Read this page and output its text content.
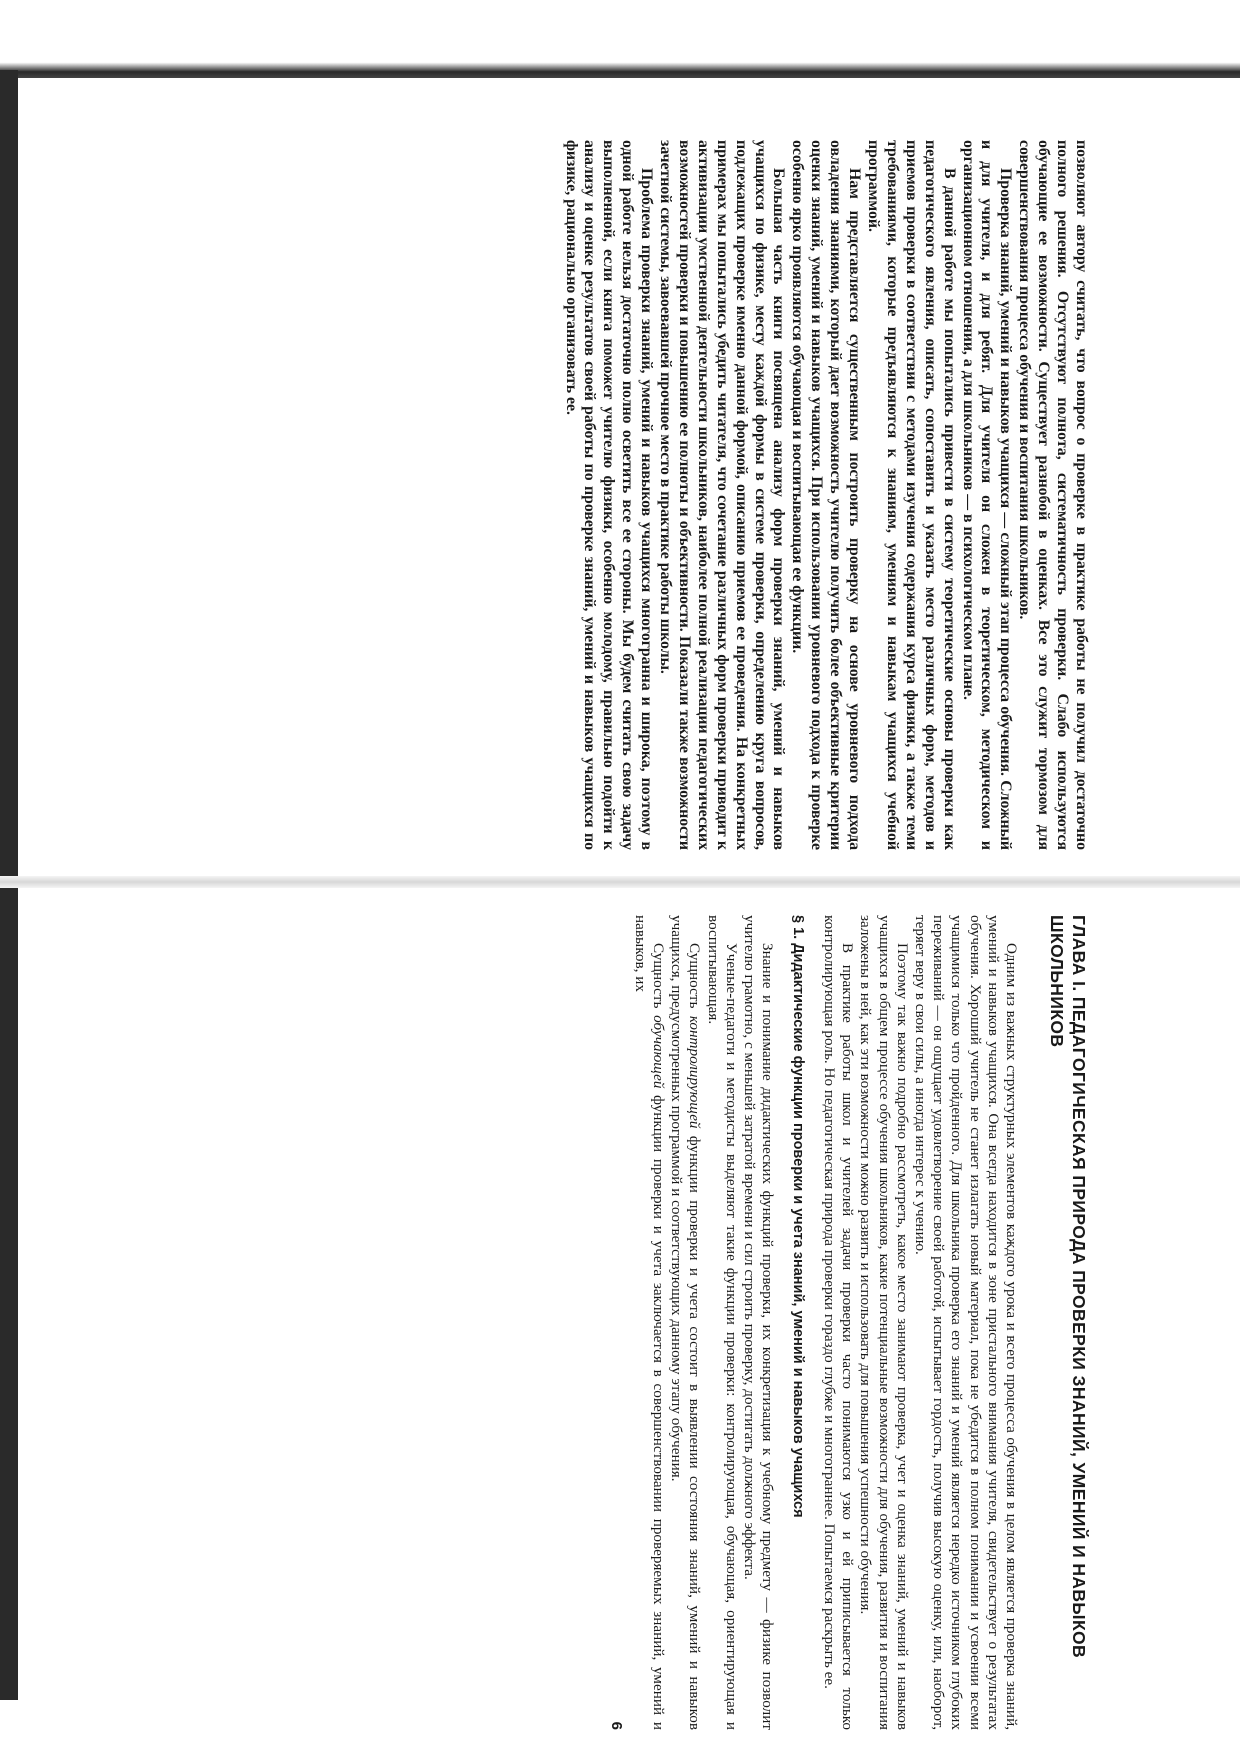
позволяют автору считать, что вопрос о проверке в практике работы не получил достаточно полного решения. Отсутствуют полнота, систематичность проверки. Слабо используются обучающие ее возможности. Существует разнобой в оценках. Все это служит тормозом для совершенствования процесса обучения и воспитания школьников.

Проверка знаний, умений и навыков учащихся — сложный этап процесса обучения. Сложный и для учителя, и для ребят. Для учителя он сложен в теоретическом, методическом и организационном отношении, а для школьников — в психологическом плане.

В данной работе мы попытались привести в систему теоретические основы проверки как педагогического явления, описать, сопоставить и указать место различных форм, методов и приемов проверки в соответствии с методами изучения содержания курса физики, а также теми требованиями, которые предъявляются к знаниям, умениям и навыкам учащихся учебной программой.

Нам представляется существенным построить проверку на основе уровневого подхода овладения знаниями, который дает возможность учителю получить более объективные критерии оценки знаний, умений и навыков учащихся. При использовании уровневого подхода к проверке особенно ярко проявляются обучающая и воспитывающая ее функции.

Большая часть книги посвящена анализу форм проверки знаний, умений и навыков учащихся по физике, месту каждой формы в системе проверки, определению круга вопросов, подлежащих проверке именно данной формой, описанию приемов ее проведения. На конкретных примерах мы попытались убедить читателя, что сочетание различных форм проверки приводит к активизации умственной деятельности школьников, наиболее полной реализации педагогических возможностей проверки и повышению ее полноты и объективности. Показали также возможности зачетной системы, завоевавшей прочное место в практике работы школы.

Проблема проверки знаний, умений и навыков учащихся многогранна и широка, поэтому в одной работе нельзя достаточно полно осветить все ее стороны. Мы будем считать свою задачу выполненной, если книга поможет учителю физики, особенно молодому, правильно подойти к анализу и оценке результатов своей работы по проверке знаний, умений и навыков учащихся по физике, рационально организовать ее.

ГЛАВА I. ПЕДАГОГИЧЕСКАЯ ПРИРОДА ПРОВЕРКИ ЗНАНИЙ, УМЕНИЙ И НАВЫКОВ ШКОЛЬНИКОВ

Одним из важных структурных элементов каждого урока и всего процесса обучения в целом является проверка знаний, умений и навыков учащихся. Она всегда находится в зоне пристального внимания учителя, свидетельствует о результатах обучения. Хороший учитель не станет излагать новый материал, пока не убедится в полном понимании и усвоении всеми учащимися только что пройденного. Для школьника проверка его знаний и умений является нередко источником глубоких переживаний — он ощущает удовлетворение своей работой, испытывает гордость, получив высокую оценку, или, наоборот, теряет веру в свои силы, а иногда интерес к учению.

Поэтому так важно подробно рассмотреть, какое место занимают проверка, учет и оценка знаний, умений и навыков учащихся в общем процессе обучения школьников, какие потенциальные возможности для обучения, развития и воспитания заложены в ней, как эти возможности можно развить и использовать для повышения успешности обучения.

В практике работы школ и учителей задачи проверки часто понимаются узко и ей приписывается только контролирующая роль. Но педагогическая природа проверки гораздо глубже и многограннее. Попытаемся раскрыть ее.

§ 1. Дидактические функции проверки и учета знаний, умений и навыков учащихся

Знание и понимание дидактических функций проверки, их конкретизация к учебному предмету — физике позволит учителю грамотно, с меньшей затратой времени и сил строить проверку, достигать должного эффекта.

Ученые-педагоги и методисты выделяют такие функции проверки: контролирующая, обучающая, ориентирующая и воспитывающая.

Сущность контролирующей функции проверки и учета состоит в выявлении состояния знаний, умений и навыков учащихся, предусмотренных программой и соответствующих данному этапу обучения.

Сущность обучающей функции проверки и учета заключается в совершенствовании проверяемых знаний, умений и навыков, их

6
